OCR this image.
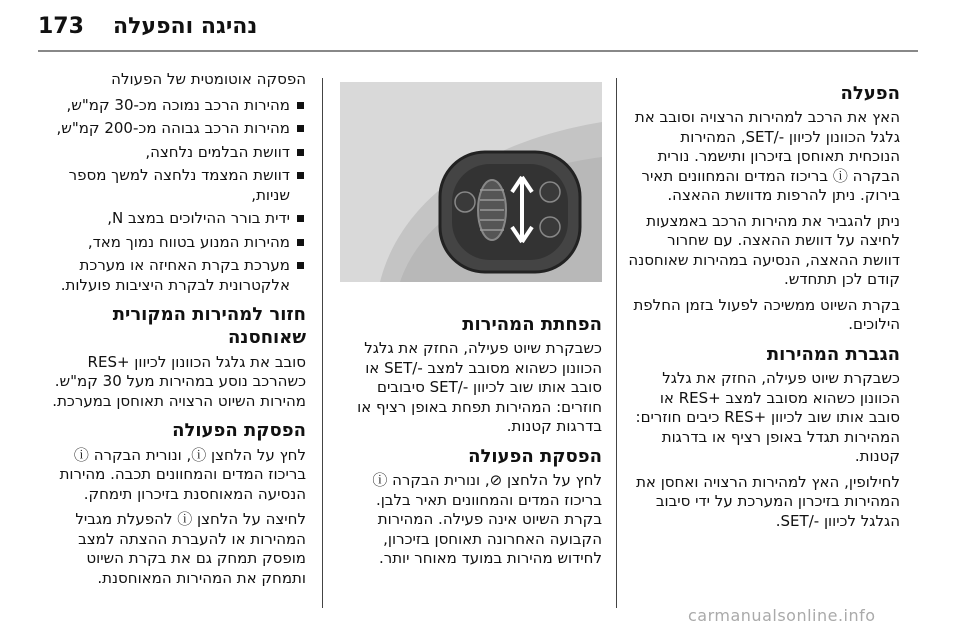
173 נהיגה והפעלה
הפעלה

האץ את הרכב למהירות הרצויה וסובב את גלגל הכוונון לכיוון -/SET, המהירות הנוכחית תאוחסן בזיכרון ותישמר. נורית הבקרה ⓘ בריכוז המדים והמחוונים תאיר בירוק. ניתן להרפות מדוושת ההאצה.

ניתן להגביר את מהירות הרכב באמצעות לחיצה על דוושת ההאצה. עם שחרור דוושת ההאצה, הנסיעה במהירות שאוחסנה קודם לכן תתחדש.

בקרת השיוט ממשיכה לפעול בזמן החלפת הילוכים.

הגברת המהירות

כשבקרת שיוט פעילה, החזק את גלגל הכוונון כשהוא מסובב למצב +RES או סובב אותו שוב לכיוון +RES כיבים חוזרים: המהירות תגדל באופן רציף או בדרגות קטנות.

לחילופין, האץ למהירות הרצויה ואחסן את המהירות בזיכרון המערכת על ידי סיבוב הגלגל לכיוון -/SET.

הפחתת המהירות

כשבקרת שיוט פעילה, החזק את גלגל הכוונון כשהוא מסובב למצב -/SET או סובב אותו שוב לכיוון -/SET סיבובים חוזרים: המהירות תפחת באופן רציף או בדרגות קטנות.

הפסקת הפעולה

לחץ על הלחצן ⊘, ונורית הבקרה ⓘ בריכוז המדים והמחוונים תאיר בלבן. בקרת השיוט אינה פעילה. המהירות הקבועה האחרונה תאוחסן בזיכרון, לחידוש מהירות במועד מאוחר יותר.

הפסקה אוטומטית של הפעולה

מהירות הרכב נמוכה מכ-30 קמ"ש,
מהירות הרכב גבוהה מכ-200 קמ"ש,
דוושת הבלמים נלחצה,
דוושת המצמד נלחצה למשך מספר שניות,
ידית בורר ההילוכים במצב N,
מהירות המנוע בטווח נמוך מאד,
מערכת בקרת האחיזה או מערכת אלקטרונית לבקרת היציבות פועלות.
חזור למהירות המקורית שאוחסנה

סובב את גלגל הכוונון לכיוון +RES כשהרכב נוסע במהירות מעל 30 קמ"ש. מהירות השיוט הרצויה תאוחסן במערכת.

הפסקת הפעולה

לחץ על הלחצן ⓘ, ונורית הבקרה ⓘ בריכוז המדים והמחוונים תכבה. מהירות הנסיעה המאוחסנת בזיכרון תימחק.

לחיצה על הלחצן ⓘ להפעלת מגביל המהירות או להעברת ההצתה למצב מופסק תמחק גם את בקרת השיוט ותמחק את המהירות המאוחסנת.

carmanualsonline.info
